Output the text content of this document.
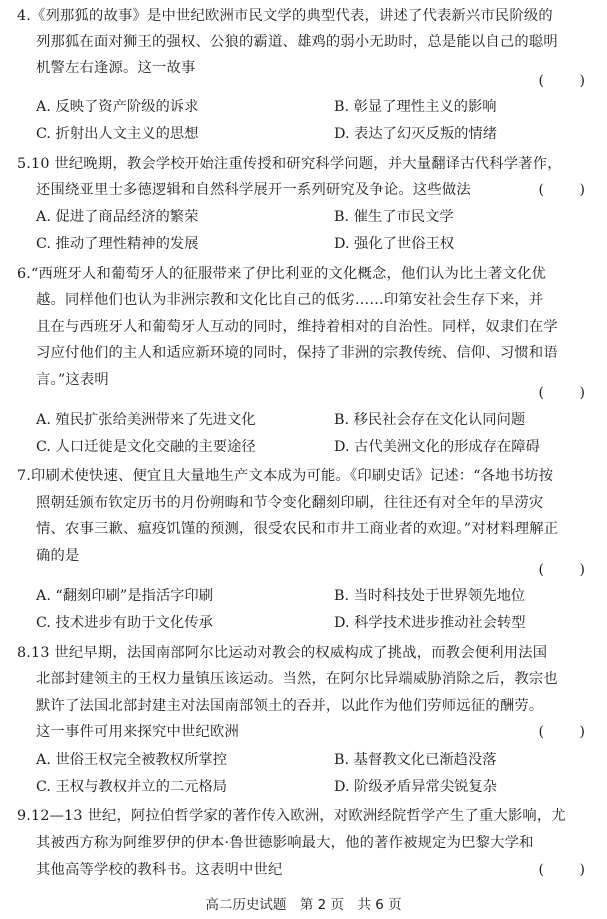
4.《列那狐的故事》是中世纪欧洲市民文学的典型代表，讲述了代表新兴市民阶级的
列那狐在面对狮王的强权、公狼的霸道、雄鸡的弱小无助时，总是能以自己的聪明
机警左右逢源。这一故事
(        )
A. 反映了资产阶级的诉求	B. 彰显了理性主义的影响
C. 折射出人文主义的思想	D. 表达了幻灭反叛的情绪
5.10 世纪晚期，教会学校开始注重传授和研究科学问题，并大量翻译古代科学著作，
还围绕亚里士多德逻辑和自然科学展开一系列研究及争论。这些做法	(        )
A. 促进了商品经济的繁荣	B. 催生了市民文学
C. 推动了理性精神的发展	D. 强化了世俗王权
6.“西班牙人和葡萄牙人的征服带来了伊比利亚的文化概念，他们认为比土著文化优
越。同样他们也认为非洲宗教和文化比自己的低劣……印第安社会生存下来，并
且在与西班牙人和葡萄牙人互动的同时，维持着相对的自治性。同样，奴隶们在学
习应付他们的主人和适应新环境的同时，保持了非洲的宗教传统、信仰、习惯和语
言。”这表明
(        )
A. 殖民扩张给美洲带来了先进文化	B. 移民社会存在文化认同问题
C. 人口迁徙是文化交融的主要途径	D. 古代美洲文化的形成存在障碍
7.印刷术使快速、便宜且大量地生产文本成为可能。《印刷史话》记述：“各地书坊按
照朝廷颁布钦定历书的月份朔晦和节令变化翻刻印刷，往往还有对全年的旱涝灾
情、农事三歉、瘟疫饥馑的预测，很受农民和市井工商业者的欢迎。”对材料理解正
确的是
(        )
A. “翻刻印刷”是指活字印刷	B. 当时科技处于世界领先地位
C. 技术进步有助于文化传承	D. 科学技术进步推动社会转型
8.13 世纪早期，法国南部阿尔比运动对教会的权威构成了挑战，而教会便利用法国
北部封建领主的王权力量镇压该运动。当然，在阿尔比异端威胁消除之后，教宗也
默许了法国北部封建主对法国南部领土的吞并，以此作为他们劳师远征的酬劳。
这一事件可用来探究中世纪欧洲	(        )
A. 世俗王权完全被教权所掌控	B. 基督教文化已渐趋没落
C. 王权与教权并立的二元格局	D. 阶级矛盾异常尖锐复杂
9.12—13 世纪，阿拉伯哲学家的著作传入欧洲，对欧洲经院哲学产生了重大影响，尤
其被西方称为阿维罗伊的伊本·鲁世德影响最大，他的著作被规定为巴黎大学和
其他高等学校的教科书。这表明中世纪	(        )
高二历史试题　第 2 页　共 6 页
